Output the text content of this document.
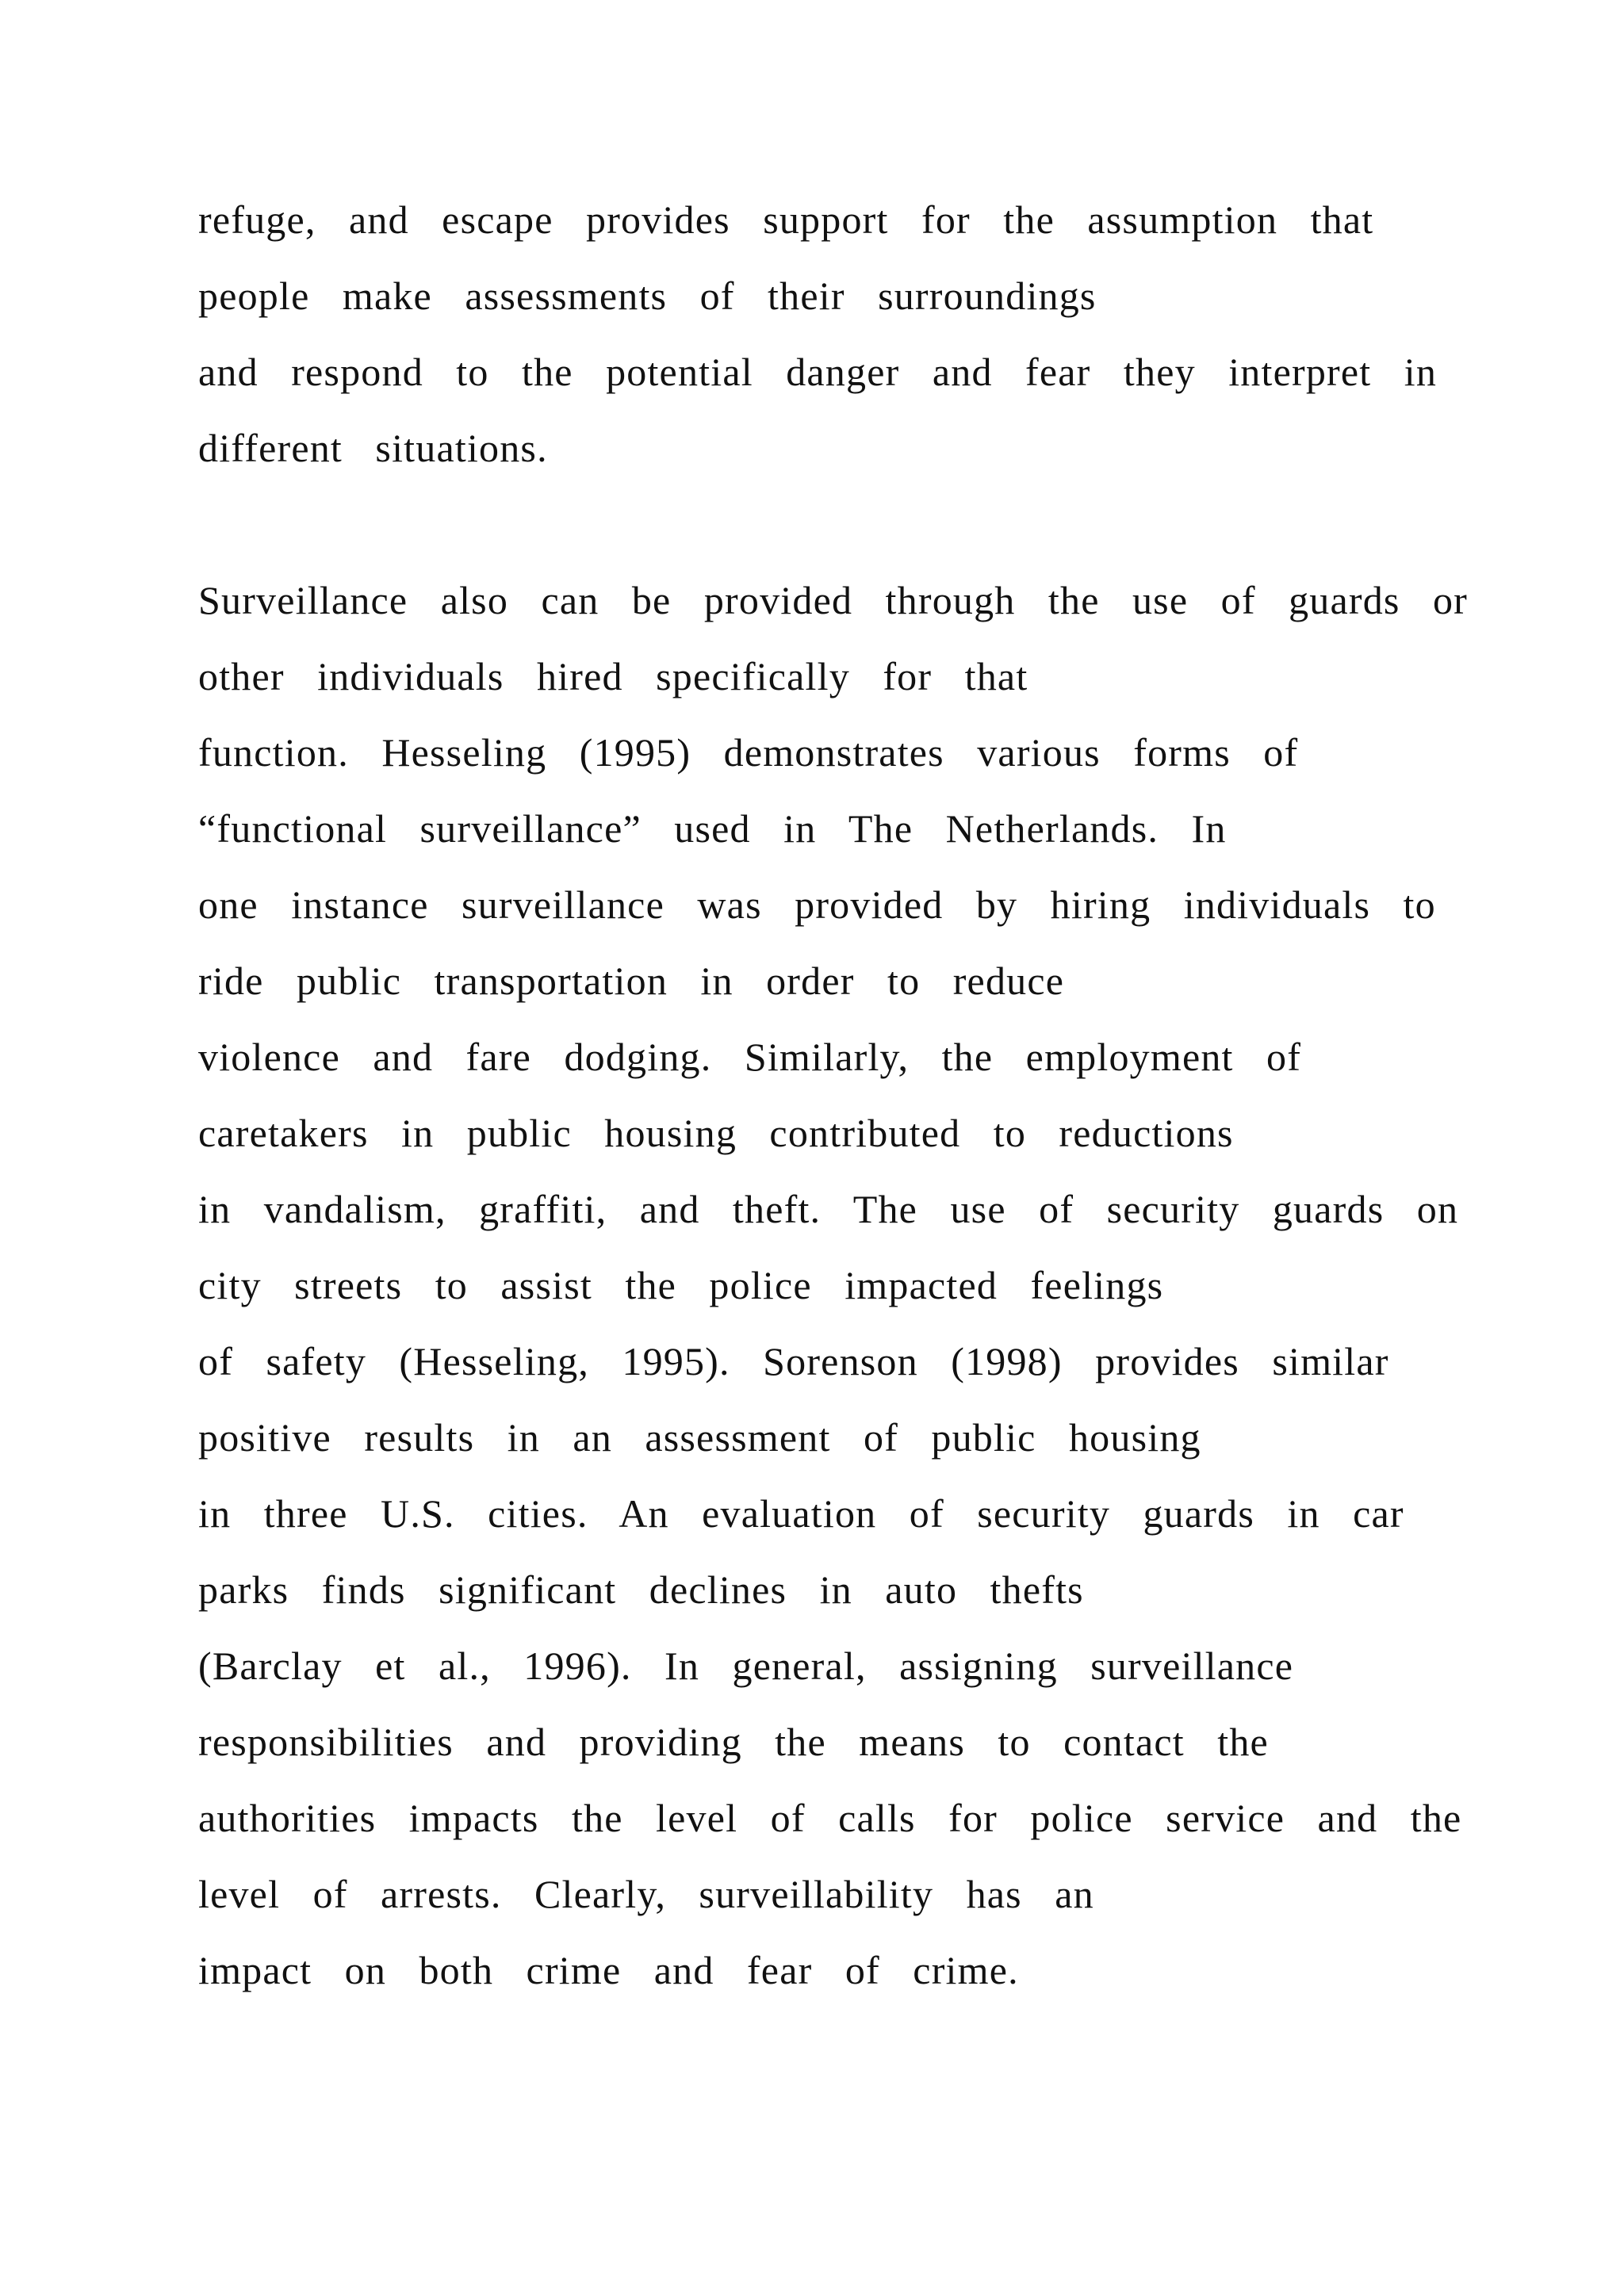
refuge,  and  escape  provides  support  for  the  assumption  that

people  make  assessments  of  their  surroundings

and  respond  to  the  potential  danger  and  fear  they  interpret  in

different  situations.

Surveillance  also  can  be  provided  through  the  use  of  guards  or

other  individuals  hired  specifically  for  that

function.  Hesseling  (1995)  demonstrates  various  forms  of

“functional  surveillance”  used  in  The  Netherlands.  In

one  instance  surveillance  was  provided  by  hiring  individuals  to

ride  public  transportation  in  order  to  reduce

violence  and  fare  dodging.  Similarly,  the  employment  of

caretakers  in  public  housing  contributed  to  reductions

in  vandalism,  graffiti,  and  theft.  The  use  of  security  guards  on

city  streets  to  assist  the  police  impacted  feelings

of  safety  (Hesseling,  1995).  Sorenson  (1998)  provides  similar

positive  results  in  an  assessment  of  public  housing

in  three  U.S.  cities.  An  evaluation  of  security  guards  in  car

parks  finds  significant  declines  in  auto  thefts

(Barclay  et  al.,  1996).  In  general,  assigning  surveillance

responsibilities  and  providing  the  means  to  contact  the

authorities  impacts  the  level  of  calls  for  police  service  and  the

level  of  arrests.  Clearly,  surveillability  has  an

impact  on  both  crime  and  fear  of  crime.
